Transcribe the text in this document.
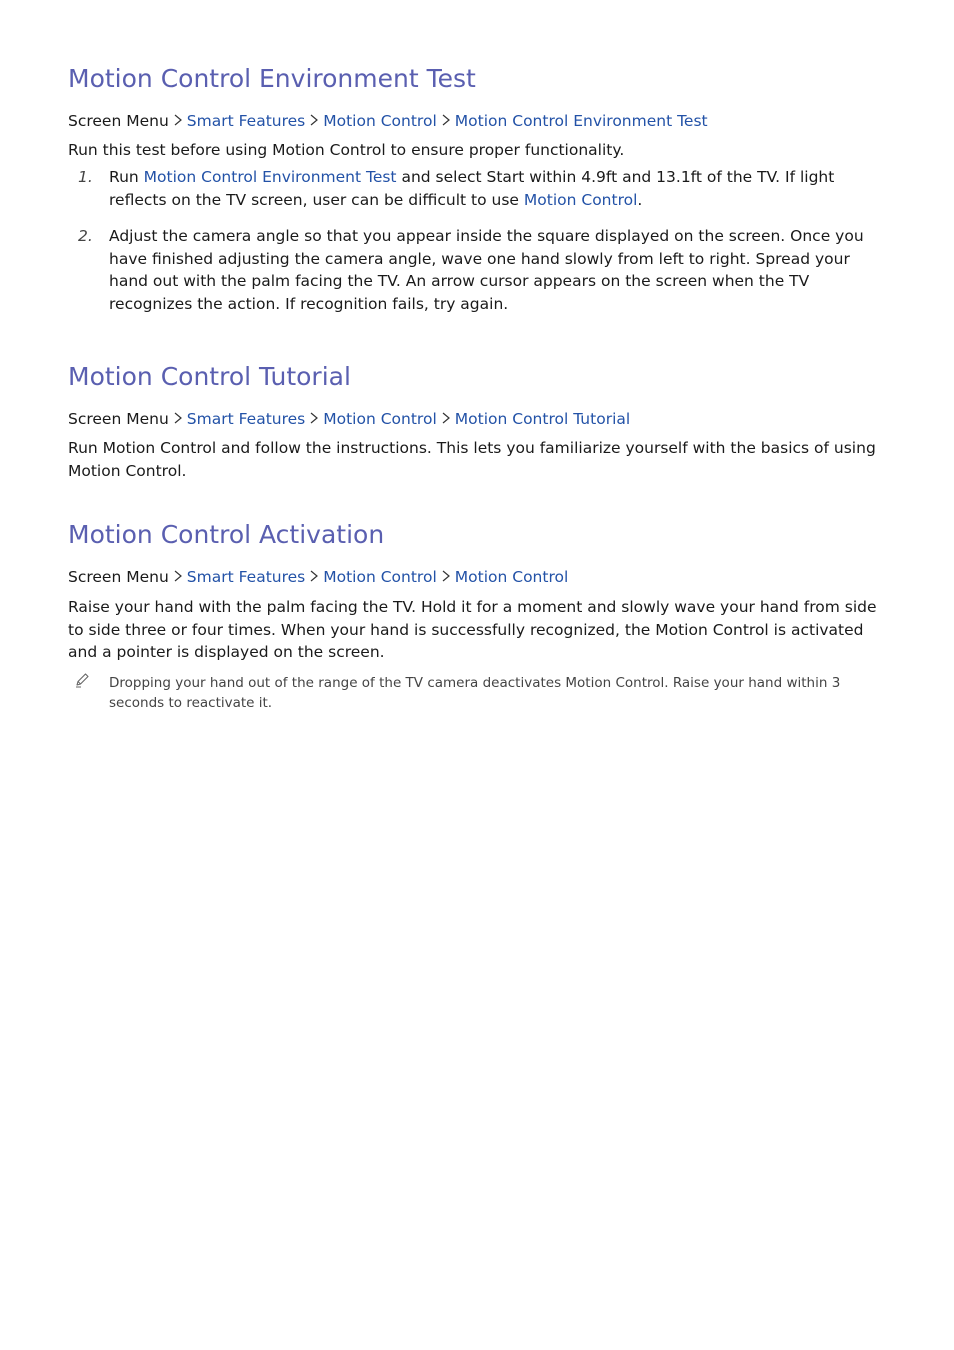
Motion Control Environment Test
Screen Menu Smart Features Motion Control Motion Control Environment Test

Run this test before using Motion Control to ensure proper functionality.

1. Run Motion Control Environment Test and select Start within 4.9ft and 13.1ft of the TV. If light reflects on the TV screen, user can be difficult to use Motion Control.
2. Adjust the camera angle so that you appear inside the square displayed on the screen. Once you have finished adjusting the camera angle, wave one hand slowly from left to right. Spread your hand out with the palm facing the TV. An arrow cursor appears on the screen when the TV recognizes the action. If recognition fails, try again.
Motion Control Tutorial
Screen Menu Smart Features Motion Control Motion Control Tutorial

Run Motion Control and follow the instructions. This lets you familiarize yourself with the basics of using Motion Control.

Motion Control Activation
Screen Menu Smart Features Motion Control Motion Control

Raise your hand with the palm facing the TV. Hold it for a moment and slowly wave your hand from side to side three or four times. When your hand is successfully recognized, the Motion Control is activated and a pointer is displayed on the screen.

Dropping your hand out of the range of the TV camera deactivates Motion Control. Raise your hand within 3 seconds to reactivate it.
